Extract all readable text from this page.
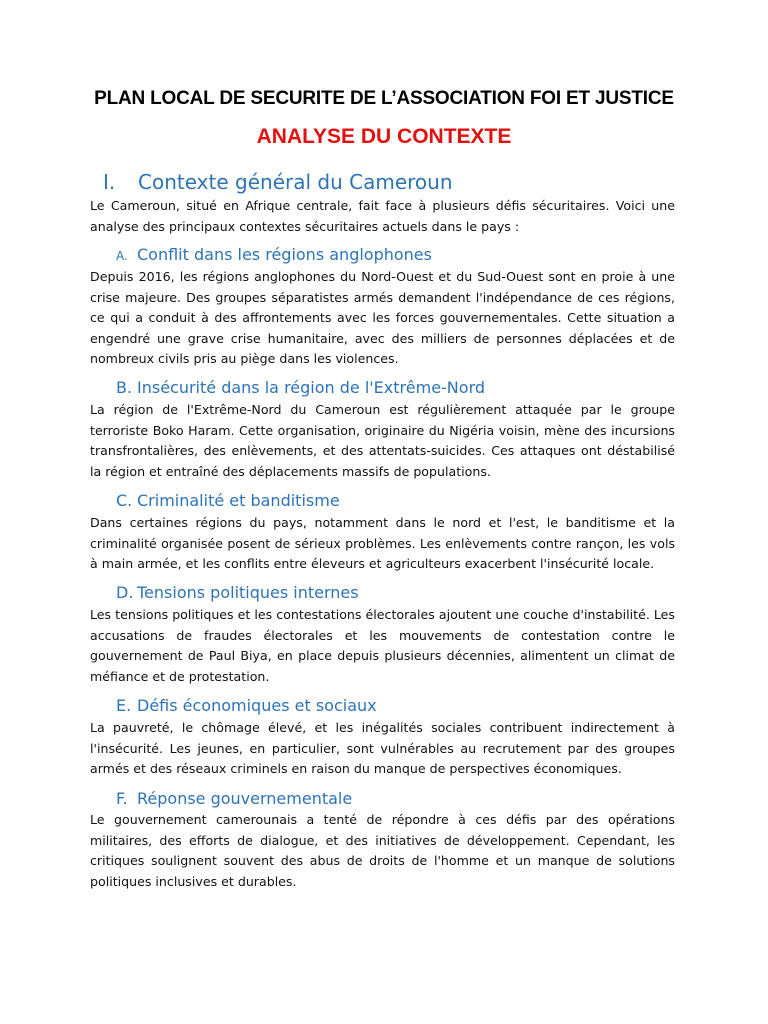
PLAN LOCAL DE SECURITE DE L’ASSOCIATION FOI ET JUSTICE
ANALYSE DU CONTEXTE
I. Contexte général du Cameroun
Le Cameroun, situé en Afrique centrale, fait face à plusieurs défis sécuritaires. Voici une analyse des principaux contextes sécuritaires actuels dans le pays :
A. Conflit dans les régions anglophones
Depuis 2016, les régions anglophones du Nord-Ouest et du Sud-Ouest sont en proie à une crise majeure. Des groupes séparatistes armés demandent l'indépendance de ces régions, ce qui a conduit à des affrontements avec les forces gouvernementales. Cette situation a engendré une grave crise humanitaire, avec des milliers de personnes déplacées et de nombreux civils pris au piège dans les violences.
B. Insécurité dans la région de l'Extrême-Nord
La région de l'Extrême-Nord du Cameroun est régulièrement attaquée par le groupe terroriste Boko Haram. Cette organisation, originaire du Nigéria voisin, mène des incursions transfrontalières, des enlèvements, et des attentats-suicides. Ces attaques ont déstabilisé la région et entraîné des déplacements massifs de populations.
C. Criminalité et banditisme
Dans certaines régions du pays, notamment dans le nord et l'est, le banditisme et la criminalité organisée posent de sérieux problèmes. Les enlèvements contre rançon, les vols à main armée, et les conflits entre éleveurs et agriculteurs exacerbent l'insécurité locale.
D. Tensions politiques internes
Les tensions politiques et les contestations électorales ajoutent une couche d'instabilité. Les accusations de fraudes électorales et les mouvements de contestation contre le gouvernement de Paul Biya, en place depuis plusieurs décennies, alimentent un climat de méfiance et de protestation.
E. Défis économiques et sociaux
La pauvreté, le chômage élevé, et les inégalités sociales contribuent indirectement à l'insécurité. Les jeunes, en particulier, sont vulnérables au recrutement par des groupes armés et des réseaux criminels en raison du manque de perspectives économiques.
F. Réponse gouvernementale
Le gouvernement camerounais a tenté de répondre à ces défis par des opérations militaires, des efforts de dialogue, et des initiatives de développement. Cependant, les critiques soulignent souvent des abus de droits de l'homme et un manque de solutions politiques inclusives et durables.
